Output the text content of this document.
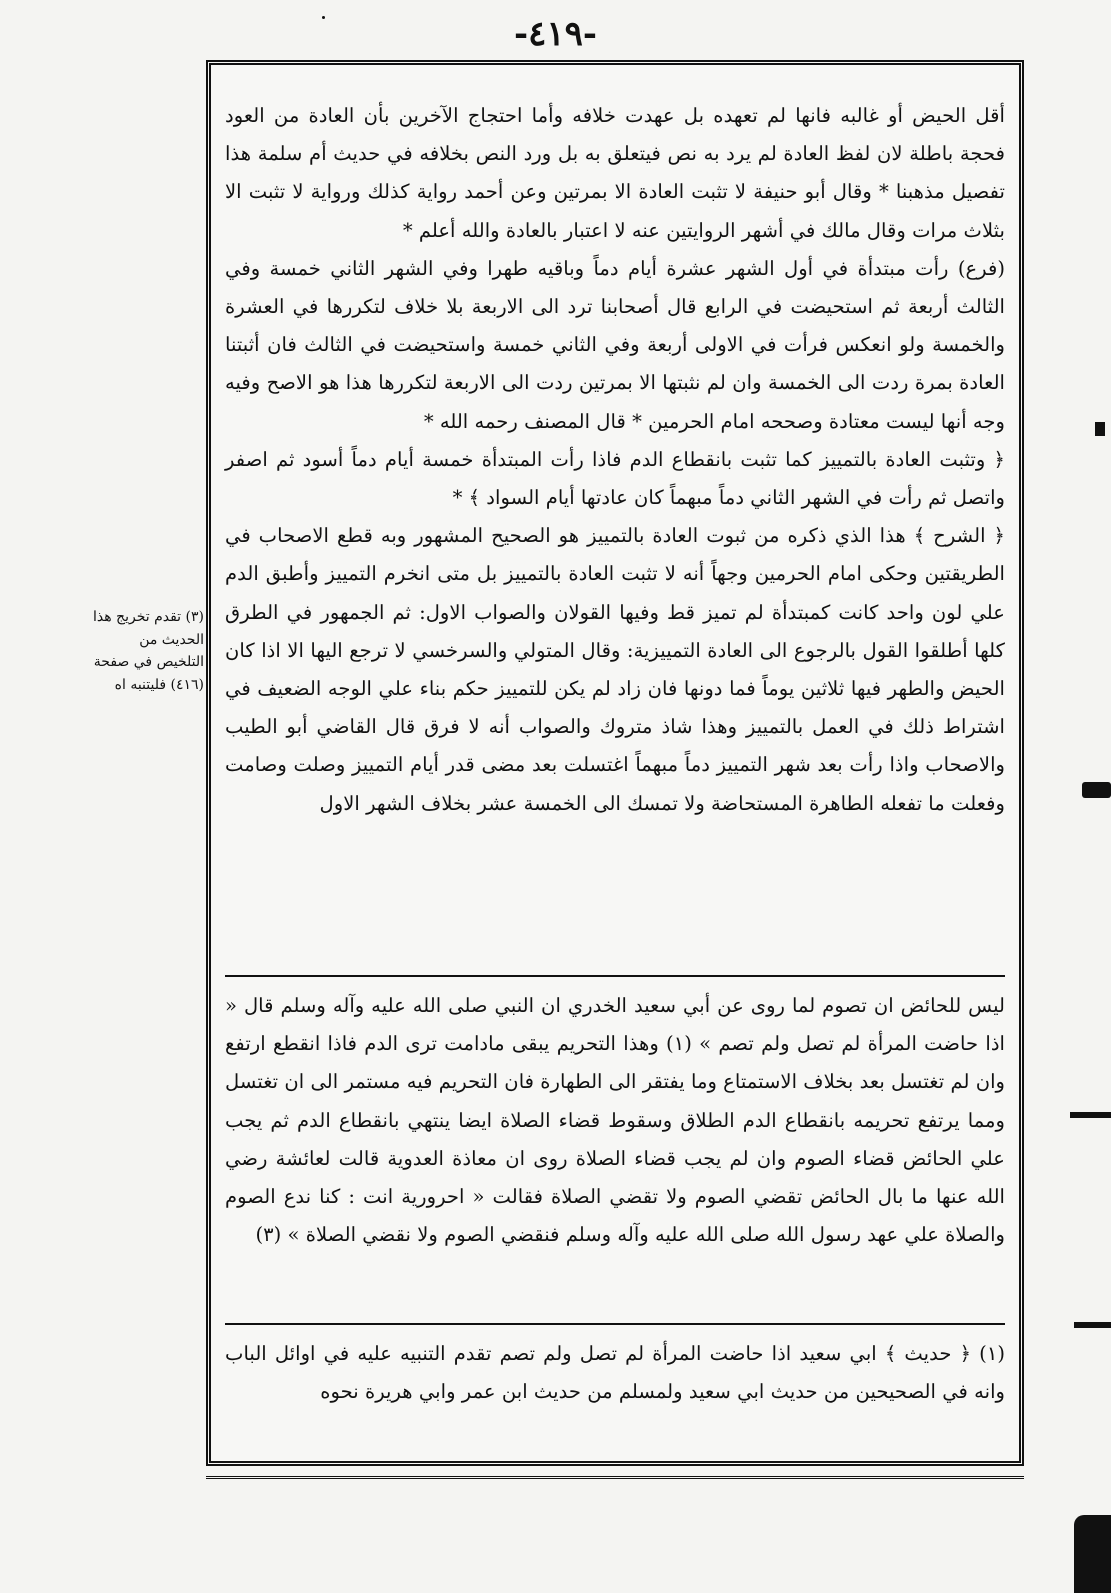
-٤١٩-
(٣) تقدم تخريج هذا الحديث من التلخيص في صفحة (٤١٦) فليتنبه اه

أقل الحيض أو غالبه فانها لم تعهده بل عهدت خلافه وأما احتجاج الآخرين بأن العادة من العود فحجة باطلة لان لفظ العادة لم يرد به نص فيتعلق به بل ورد النص بخلافه في حديث أم سلمة هذا تفصيل مذهبنا * وقال أبو حنيفة لا تثبت العادة الا بمرتين وعن أحمد رواية كذلك ورواية لا تثبت الا بثلاث مرات وقال مالك في أشهر الروايتين عنه لا اعتبار بالعادة والله أعلم *

(فرع) رأت مبتدأة في أول الشهر عشرة أيام دماً وباقيه طهرا وفي الشهر الثاني خمسة وفي الثالث أربعة ثم استحيضت في الرابع قال أصحابنا ترد الى الاربعة بلا خلاف لتكررها في العشرة والخمسة ولو انعكس فرأت في الاولى أربعة وفي الثاني خمسة واستحيضت في الثالث فان أثبتنا العادة بمرة ردت الى الخمسة وان لم نثبتها الا بمرتين ردت الى الاربعة لتكررها هذا هو الاصح وفيه وجه أنها ليست معتادة وصححه امام الحرمين * قال المصنف رحمه الله *

﴿ وتثبت العادة بالتمييز كما تثبت بانقطاع الدم فاذا رأت المبتدأة خمسة أيام دماً أسود ثم اصفر واتصل ثم رأت في الشهر الثاني دماً مبهماً كان عادتها أيام السواد ﴾ *

﴿ الشرح ﴾ هذا الذي ذكره من ثبوت العادة بالتمييز هو الصحيح المشهور وبه قطع الاصحاب في الطريقتين وحكى امام الحرمين وجهاً أنه لا تثبت العادة بالتمييز بل متى انخرم التمييز وأطبق الدم علي لون واحد كانت كمبتدأة لم تميز قط وفيها القولان والصواب الاول: ثم الجمهور في الطرق كلها أطلقوا القول بالرجوع الى العادة التمييزية: وقال المتولي والسرخسي لا ترجع اليها الا اذا كان الحيض والطهر فيها ثلاثين يوماً فما دونها فان زاد لم يكن للتمييز حكم بناء علي الوجه الضعيف في اشتراط ذلك في العمل بالتمييز وهذا شاذ متروك والصواب أنه لا فرق قال القاضي أبو الطيب والاصحاب واذا رأت بعد شهر التمييز دماً مبهماً اغتسلت بعد مضى قدر أيام التمييز وصلت وصامت وفعلت ما تفعله الطاهرة المستحاضة ولا تمسك الى الخمسة عشر بخلاف الشهر الاول

ليس للحائض ان تصوم لما روى عن أبي سعيد الخدري ان النبي صلى الله عليه وآله وسلم قال « اذا حاضت المرأة لم تصل ولم تصم » (١) وهذا التحريم يبقى مادامت ترى الدم فاذا انقطع ارتفع وان لم تغتسل بعد بخلاف الاستمتاع وما يفتقر الى الطهارة فان التحريم فيه مستمر الى ان تغتسل ومما يرتفع تحريمه بانقطاع الدم الطلاق وسقوط قضاء الصلاة ايضا ينتهي بانقطاع الدم ثم يجب علي الحائض قضاء الصوم وان لم يجب قضاء الصلاة روى ان معاذة العدوية قالت لعائشة رضي الله عنها ما بال الحائض تقضي الصوم ولا تقضي الصلاة فقالت « احرورية انت : كنا ندع الصوم والصلاة علي عهد رسول الله صلى الله عليه وآله وسلم فنقضي الصوم ولا نقضي الصلاة » (٣)

(١) ﴿ حديث ﴾ ابي سعيد اذا حاضت المرأة لم تصل ولم تصم تقدم التنبيه عليه في اوائل الباب وانه في الصحيحين من حديث ابي سعيد ولمسلم من حديث ابن عمر وابي هريرة نحوه
